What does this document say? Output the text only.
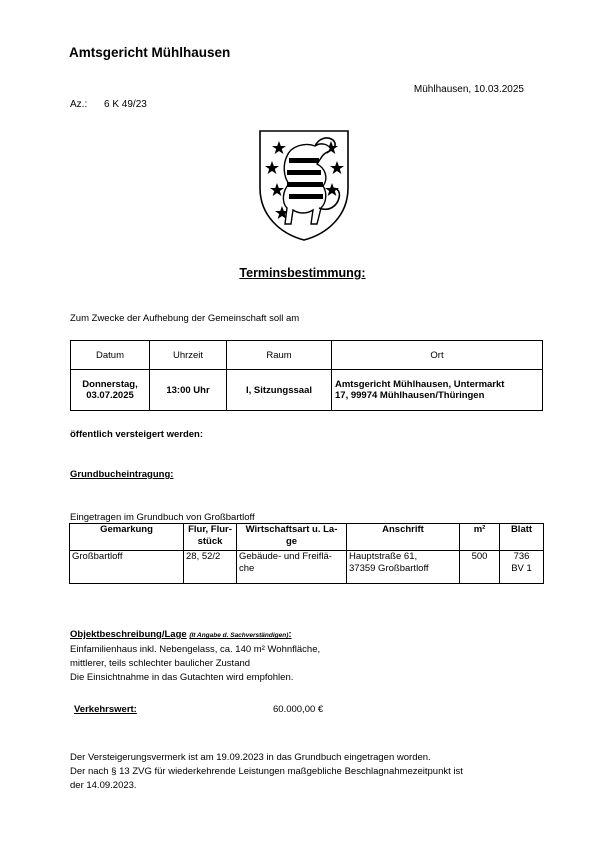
Amtsgericht Mühlhausen
Mühlhausen, 10.03.2025
Az.: 6 K 49/23
Terminsbestimmung:
Zum Zwecke der Aufhebung der Gemeinschaft soll am
Datum	Uhrzeit	Raum	Ort
Donnerstag,
03.07.2025	13:00 Uhr	I, Sitzungssaal	Amtsgericht Mühlhausen, Untermarkt
17, 99974 Mühlhausen/Thüringen
öffentlich versteigert werden:
Grundbucheintragung:
Eingetragen im Grundbuch von Großbartloff
Gemarkung	Flur, Flur-
stück	Wirtschaftsart u. La-
ge	Anschrift	m²	Blatt
Großbartloff	28, 52/2	Gebäude- und Freiflä-
che	Hauptstraße 61,
37359 Großbartloff	500	736
BV 1
Objektbeschreibung/Lage (lt Angabe d. Sachverständigen):
Einfamilienhaus inkl. Nebengelass, ca. 140 m² Wohnfläche,
mittlerer, teils schlechter baulicher Zustand
Die Einsichtnahme in das Gutachten wird empfohlen.
Verkehrswert:	60.000,00 €
Der Versteigerungsvermerk ist am 19.09.2023 in das Grundbuch eingetragen worden.
Der nach § 13 ZVG für wiederkehrende Leistungen maßgebliche Beschlagnahmezeitpunkt ist
der 14.09.2023.
